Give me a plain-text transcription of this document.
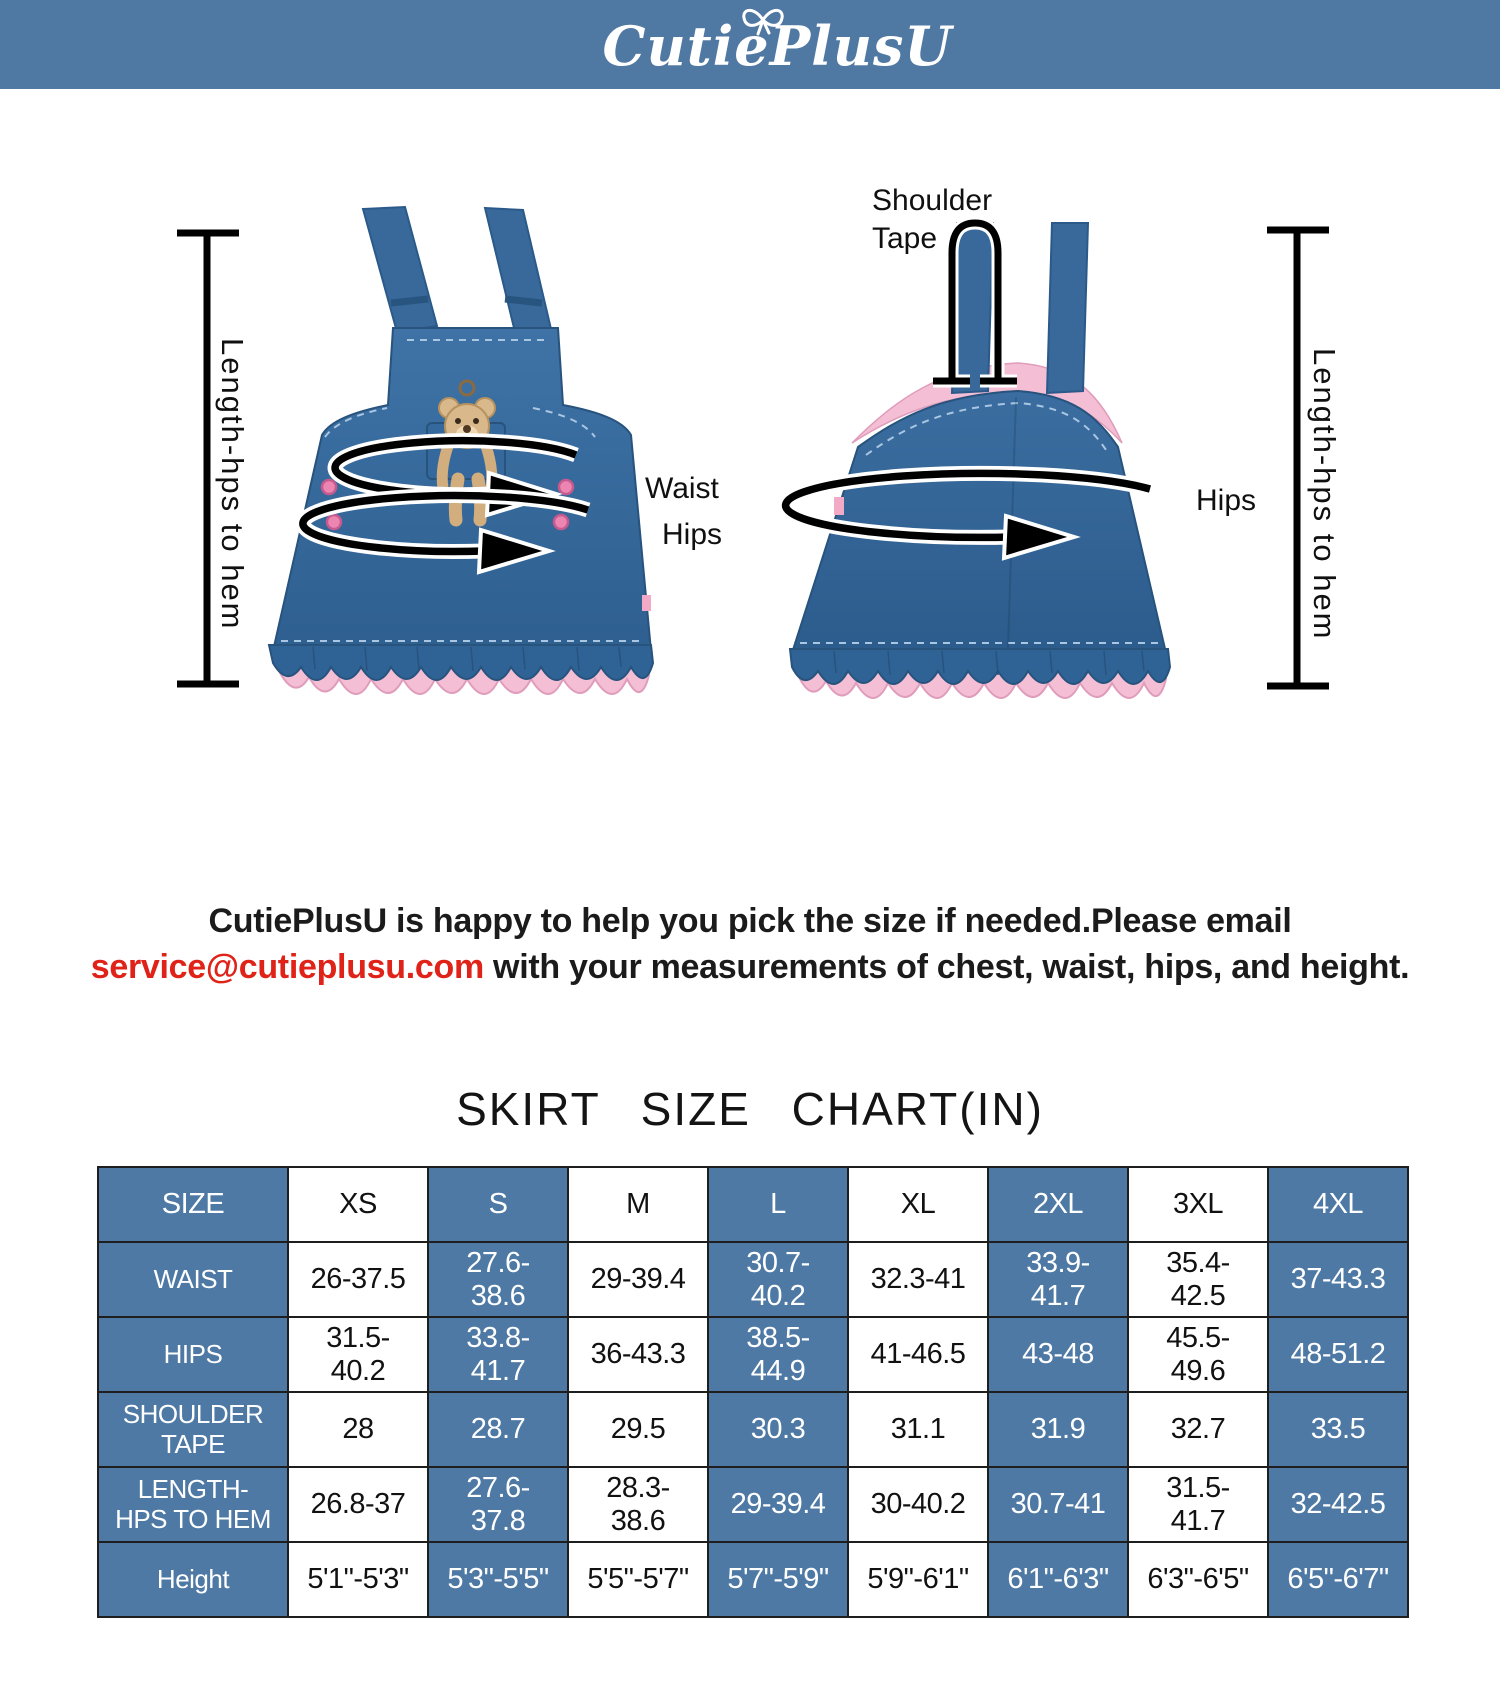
CutiePlusU
Length-hps to hem	Length-hps to hem
Waist
Hips
Hips
Shoulder
Tape
CutiePlusU is happy to help you pick the size if needed.Please email
service@cutieplusu.com with your measurements of chest, waist, hips, and height.
SKIRT SIZE CHART(IN)
SIZE	XS	S	M	L	XL	2XL	3XL	4XL
WAIST	26-37.5	27.6-38.6	29-39.4	30.7-40.2	32.3-41	33.9-41.7	35.4-42.5	37-43.3
HIPS	31.5-40.2	33.8-41.7	36-43.3	38.5-44.9	41-46.5	43-48	45.5-49.6	48-51.2
SHOULDER TAPE	28	28.7	29.5	30.3	31.1	31.9	32.7	33.5
LENGTH-HPS TO HEM	26.8-37	27.6-37.8	28.3-38.6	29-39.4	30-40.2	30.7-41	31.5-41.7	32-42.5
Height	5'1"-5'3"	5'3"-5'5"	5'5"-5'7"	5'7"-5'9"	5'9"-6'1"	6'1"-6'3"	6'3"-6'5"	6'5"-6'7"
